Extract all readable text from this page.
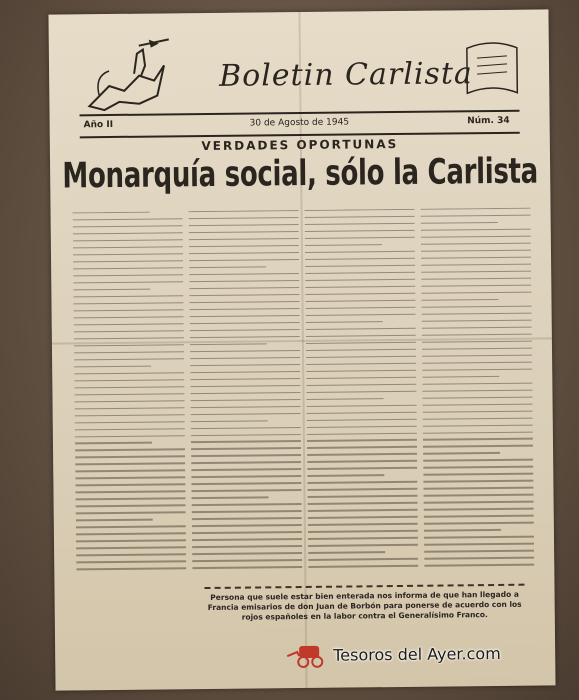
Boletin Carlista
Año II	30 de Agosto de 1945	Núm. 34
VERDADES OPORTUNAS
Monarquía social, sólo la Carlista
Persona que suele estar bien enterada nos informa de que han llegado a Francia emisarios de don Juan de Borbón para ponerse de acuerdo con los rojos españoles en la labor contra el Generalísimo Franco.
Tesoros del Ayer.com
